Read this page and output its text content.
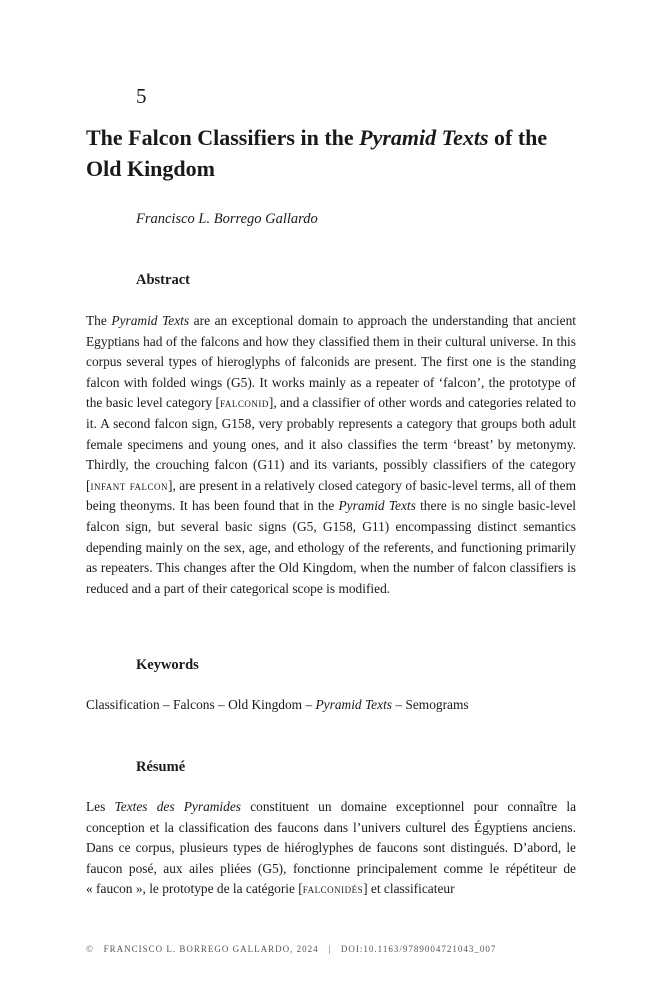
5
The Falcon Classifiers in the Pyramid Texts of the Old Kingdom
Francisco L. Borrego Gallardo
Abstract

The Pyramid Texts are an exceptional domain to approach the understanding that ancient Egyptians had of the falcons and how they classified them in their cultural universe. In this corpus several types of hieroglyphs of falconids are present. The first one is the standing falcon with folded wings (G5). It works mainly as a repeater of ‘falcon’, the prototype of the basic level category [falconid], and a classifier of other words and categories related to it. A second falcon sign, G158, very probably represents a category that groups both adult female specimens and young ones, and it also classifies the term ‘breast’ by metonymy. Thirdly, the crouching falcon (G11) and its variants, possibly classifiers of the category [infant falcon], are present in a relatively closed category of basic-level terms, all of them being theonyms. It has been found that in the Pyramid Texts there is no single basic-level falcon sign, but several basic signs (G5, G158, G11) encompassing distinct semantics depending mainly on the sex, age, and ethology of the referents, and functioning primarily as repeaters. This changes after the Old Kingdom, when the number of falcon classifiers is reduced and a part of their categorical scope is modified.

Keywords
Classification – Falcons – Old Kingdom – Pyramid Texts – Semograms
Résumé

Les Textes des Pyramides constituent un domaine exceptionnel pour connaître la conception et la classification des faucons dans l’univers culturel des Égyptiens anciens. Dans ce corpus, plusieurs types de hiéroglyphes de faucons sont distingués. D’abord, le faucon posé, aux ailes pliées (G5), fonctionne principalement comme le répétiteur de « faucon », le prototype de la catégorie [falconidés] et classificateur

© FRANCISCO L. BORREGO GALLARDO, 2024 | DOI:10.1163/9789004721043_007
